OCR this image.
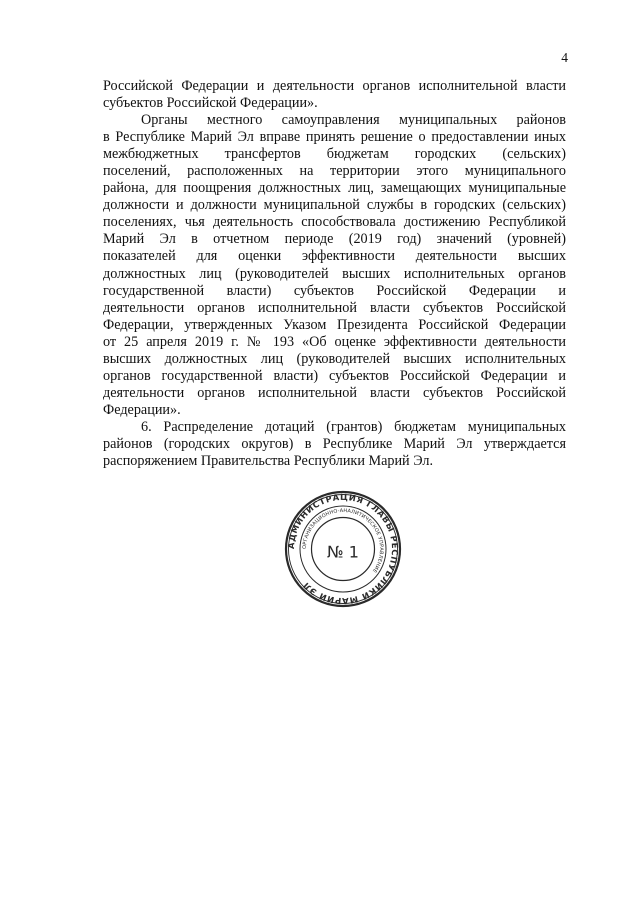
4

Российской Федерации и деятельности органов исполнительной власти
субъектов Российской Федерации».

Органы местного самоуправления муниципальных районов
в Республике Марий Эл вправе принять решение о предоставлении иных
межбюджетных трансфертов бюджетам городских (сельских)
поселений, расположенных на территории этого муниципального
района, для поощрения должностных лиц, замещающих муниципальные
должности и должности муниципальной службы в городских (сельских)
поселениях, чья деятельность способствовала достижению Республикой
Марий Эл в отчетном периоде (2019 год) значений (уровней)
показателей для оценки эффективности деятельности высших
должностных лиц (руководителей высших исполнительных органов
государственной власти) субъектов Российской Федерации и
деятельности органов исполнительной власти субъектов Российской
Федерации, утвержденных Указом Президента Российской Федерации
от 25 апреля 2019 г. № 193 «Об оценке эффективности деятельности
высших должностных лиц (руководителей высших исполнительных
органов государственной власти) субъектов Российской Федерации и
деятельности органов исполнительной власти субъектов Российской
Федерации».

6. Распределение дотаций (грантов) бюджетам муниципальных
районов (городских округов) в Республике Марий Эл утверждается
распоряжением Правительства Республики Марий Эл.

АДМИНИСТРАЦИЯ ГЛАВЫ РЕСПУБЛИКИ МАРИЙ ЭЛ
ОРГАНИЗАЦИОННО-АНАЛИТИЧЕСКОЕ УПРАВЛЕНИЕ
№ 1
